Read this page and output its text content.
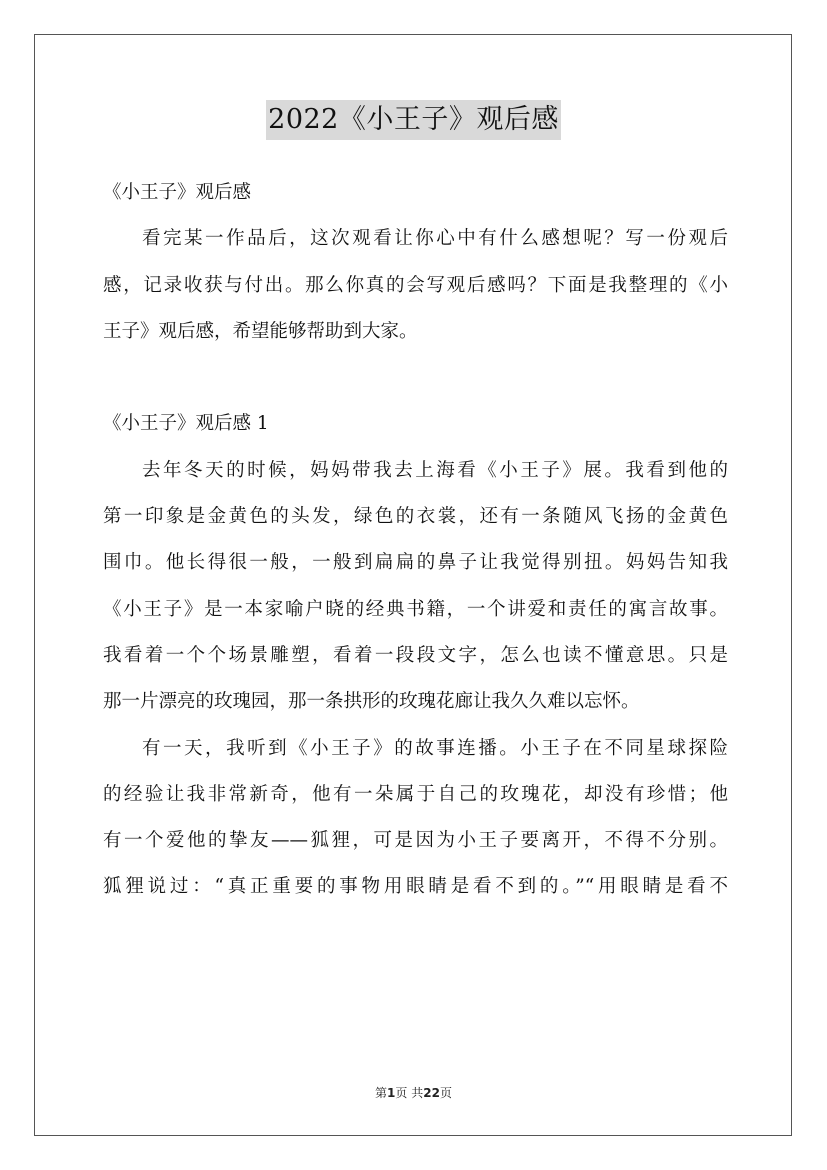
2022《小王子》观后感
《小王子》观后感
看完某一作品后，这次观看让你心中有什么感想呢？写一份观后
感，记录收获与付出。那么你真的会写观后感吗？下面是我整理的《小
王子》观后感，希望能够帮助到大家。
《小王子》观后感 1
去年冬天的时候，妈妈带我去上海看《小王子》展。我看到他的
第一印象是金黄色的头发，绿色的衣裳，还有一条随风飞扬的金黄色
围巾。他长得很一般，一般到扁扁的鼻子让我觉得别扭。妈妈告知我
《小王子》是一本家喻户晓的经典书籍，一个讲爱和责任的寓言故事。
我看着一个个场景雕塑，看着一段段文字，怎么也读不懂意思。只是
那一片漂亮的玫瑰园，那一条拱形的玫瑰花廊让我久久难以忘怀。
有一天，我听到《小王子》的故事连播。小王子在不同星球探险
的经验让我非常新奇，他有一朵属于自己的玫瑰花，却没有珍惜；他
有一个爱他的挚友——狐狸，可是因为小王子要离开，不得不分别。
狐狸说过：“真正重要的事物用眼睛是看不到的。”“用眼睛是看不
第1页 共22页
